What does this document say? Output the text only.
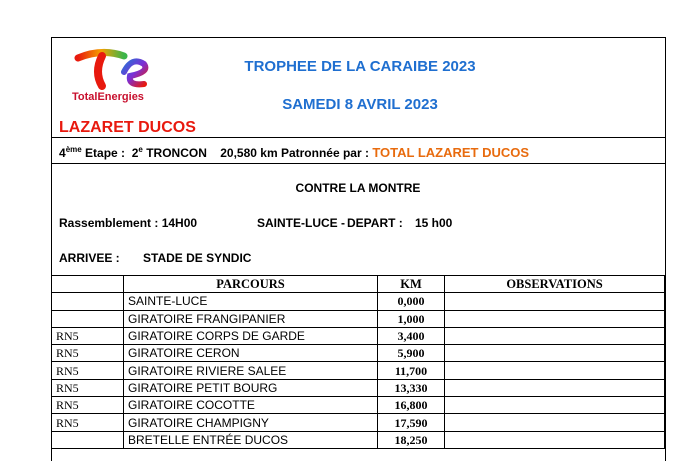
TotalEnergies
TROPHEE DE LA CARAIBE 2023
SAMEDI 8 AVRIL 2023
LAZARET DUCOS
4ème Etape : 2e TRONCON 20,580 km Patronnée par : TOTAL LAZARET DUCOS
CONTRE LA MONTRE
Rassemblement : 14H00	SAINTE-LUCE - DEPART : 15 h00
ARRIVEE : STADE DE SYNDIC
	PARCOURS	KM	OBSERVATIONS
	SAINTE-LUCE	0,000	
	GIRATOIRE FRANGIPANIER	1,000	
RN5	GIRATOIRE CORPS DE GARDE	3,400	
RN5	GIRATOIRE CERON	5,900	
RN5	GIRATOIRE RIVIERE SALEE	11,700	
RN5	GIRATOIRE PETIT BOURG	13,330	
RN5	GIRATOIRE COCOTTE	16,800	
RN5	GIRATOIRE CHAMPIGNY	17,590	
	BRETELLE ENTRÉE DUCOS	18,250	
